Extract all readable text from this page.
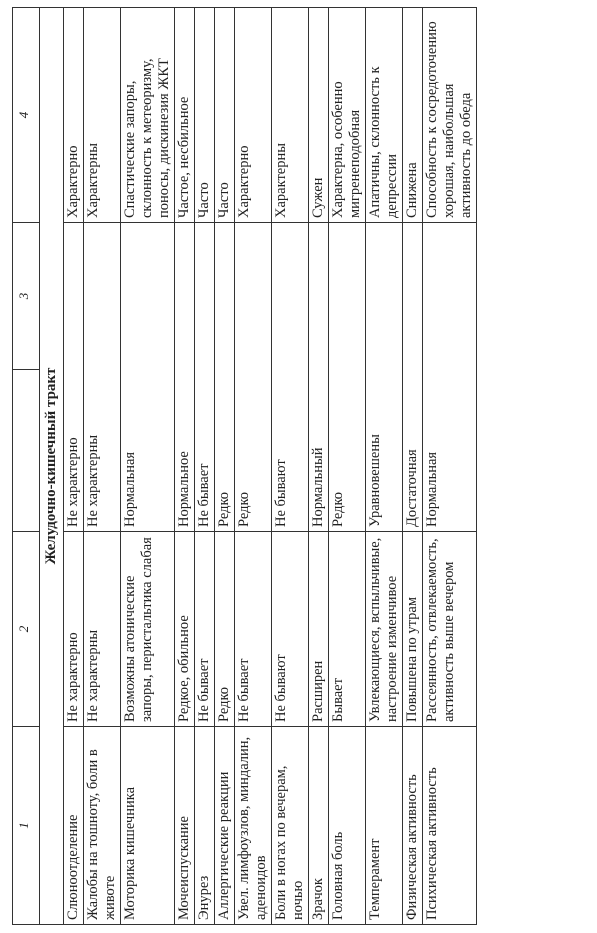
1	2		3	4
Желудочно-кишечный тракт				
Слюноотделение	Не характерно	Не характерно		Характерно
Жалобы на тошноту, боли в животе	Не характерны	Не характерны		Характерны
Моторика кишечника	Возможны атонические запоры, перистальтика слабая	Нормальная		Спастические запоры, склонность к метеоризму, поносы, дискинезия ЖКТ
Мочеиспускание	Редкое, обильное	Нормальное		Частое, несбильное
Энурез	Не бывает	Не бывает		Часто
Аллергические реакции	Редко	Редко		Часто
Увел. лимфоузлов, миндалин, аденоидов	Не бывает	Редко		Характерно
Боли в ногах по вечерам, ночью	Не бывают	Не бывают		Характерны
Зрачок	Расширен	Нормальный		Сужен
Головная боль	Бывает	Редко		Характерна, особенно мигренеподобная
Темперамент	Увлекающиеся, вспыльчивые, настроение изменчивое	Уравновешены		Апатичны, склонность к депрессии
Физическая активность	Повышена по утрам	Достаточная		Снижена
Психическая активность	Рассеянность, отвлекаемость, активность выше вечером	Нормальная		Способность к сосредоточению хорошая, наибольшая активность до обеда
